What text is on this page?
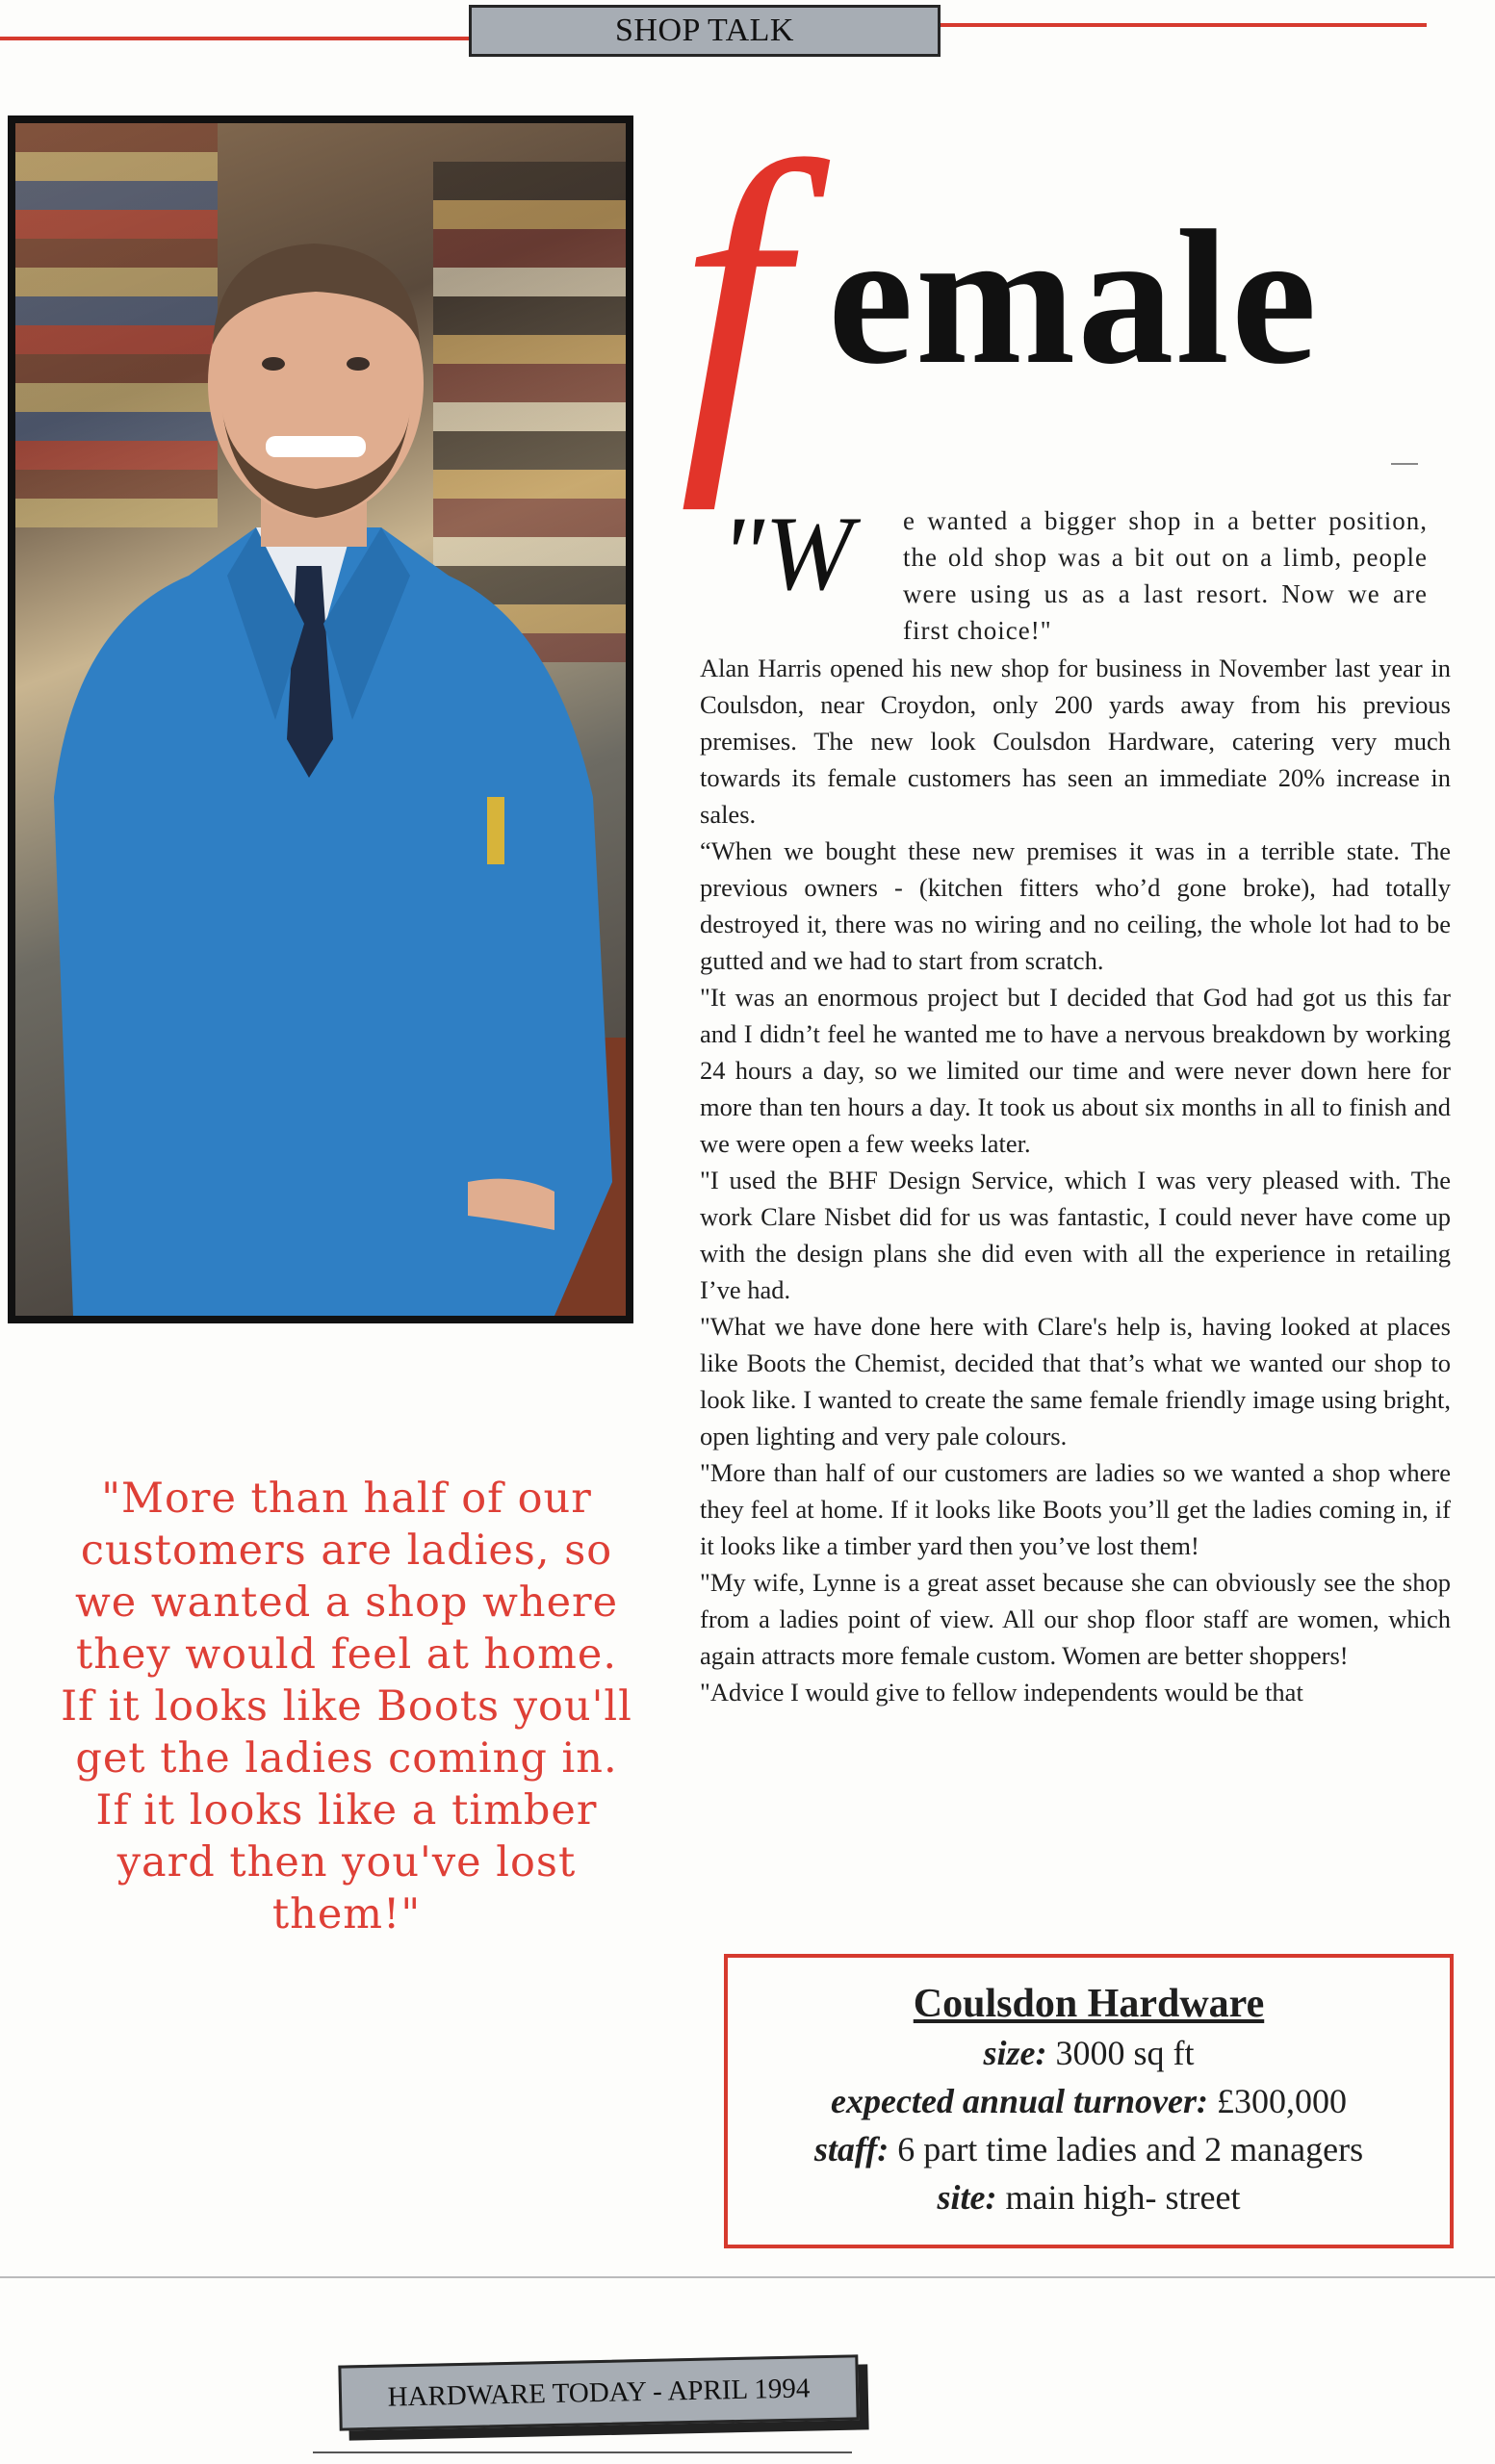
SHOP TALK
"More than half of our customers are ladies, so we wanted a shop where they would feel at home. If it looks like Boots you'll get the ladies coming in. If it looks like a timber yard then you've lost them!"
f emale
"W e wanted a bigger shop in a better position, the old shop was a bit out on a limb, people were using us as a last resort. Now we are first choice!"

Alan Harris opened his new shop for business in November last year in Coulsdon, near Croydon, only 200 yards away from his previous premises. The new look Coulsdon Hardware, catering very much towards its female customers has seen an immediate 20% increase in sales.

“When we bought these new premises it was in a terrible state. The previous owners - (kitchen fitters who’d gone broke), had totally destroyed it, there was no wiring and no ceiling, the whole lot had to be gutted and we had to start from scratch.

"It was an enormous project but I decided that God had got us this far and I didn’t feel he wanted me to have a nervous breakdown by working 24 hours a day, so we limited our time and were never down here for more than ten hours a day. It took us about six months in all to finish and we were open a few weeks later.

"I used the BHF Design Service, which I was very pleased with. The work Clare Nisbet did for us was fantastic, I could never have come up with the design plans she did even with all the experience in retailing I’ve had.

"What we have done here with Clare's help is, having looked at places like Boots the Chemist, decided that that’s what we wanted our shop to look like. I wanted to create the same female friendly image using bright, open lighting and very pale colours.

"More than half of our customers are ladies so we wanted a shop where they feel at home. If it looks like Boots you’ll get the ladies coming in, if it looks like a timber yard then you’ve lost them!

"My wife, Lynne is a great asset because she can obviously see the shop from a ladies point of view. All our shop floor staff are women, which again attracts more female custom. Women are better shoppers!

"Advice I would give to fellow independents would be that

Coulsdon Hardware
size: 3000 sq ft
expected annual turnover: £300,000
staff: 6 part time ladies and 2 managers
site: main high- street
HARDWARE TODAY - APRIL 1994
